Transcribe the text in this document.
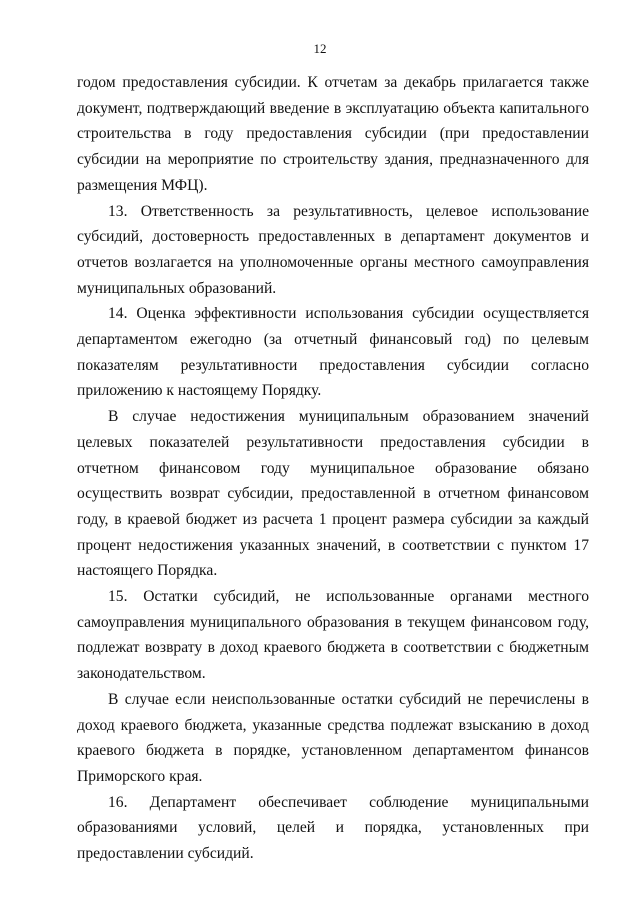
12

годом предоставления субсидии. К отчетам за декабрь прилагается также документ, подтверждающий введение в эксплуатацию объекта капитального строительства в году предоставления субсидии (при предоставлении субсидии на мероприятие по строительству здания, предназначенного для размещения МФЦ).

13. Ответственность за результативность, целевое использование субсидий, достоверность предоставленных в департамент документов и отчетов возлагается на уполномоченные органы местного самоуправления муниципальных образований.

14. Оценка эффективности использования субсидии осуществляется департаментом ежегодно (за отчетный финансовый год) по целевым показателям результативности предоставления субсидии согласно приложению к настоящему Порядку.

В случае недостижения муниципальным образованием значений целевых показателей результативности предоставления субсидии в отчетном финансовом году муниципальное образование обязано осуществить возврат субсидии, предоставленной в отчетном финансовом году, в краевой бюджет из расчета 1 процент размера субсидии за каждый процент недостижения указанных значений, в соответствии с пунктом 17 настоящего Порядка.

15. Остатки субсидий, не использованные органами местного самоуправления муниципального образования в текущем финансовом году, подлежат возврату в доход краевого бюджета в соответствии с бюджетным законодательством.

В случае если неиспользованные остатки субсидий не перечислены в доход краевого бюджета, указанные средства подлежат взысканию в доход краевого бюджета в порядке, установленном департаментом финансов Приморского края.

16. Департамент обеспечивает соблюдение муниципальными образованиями условий, целей и порядка, установленных при предоставлении субсидий.
